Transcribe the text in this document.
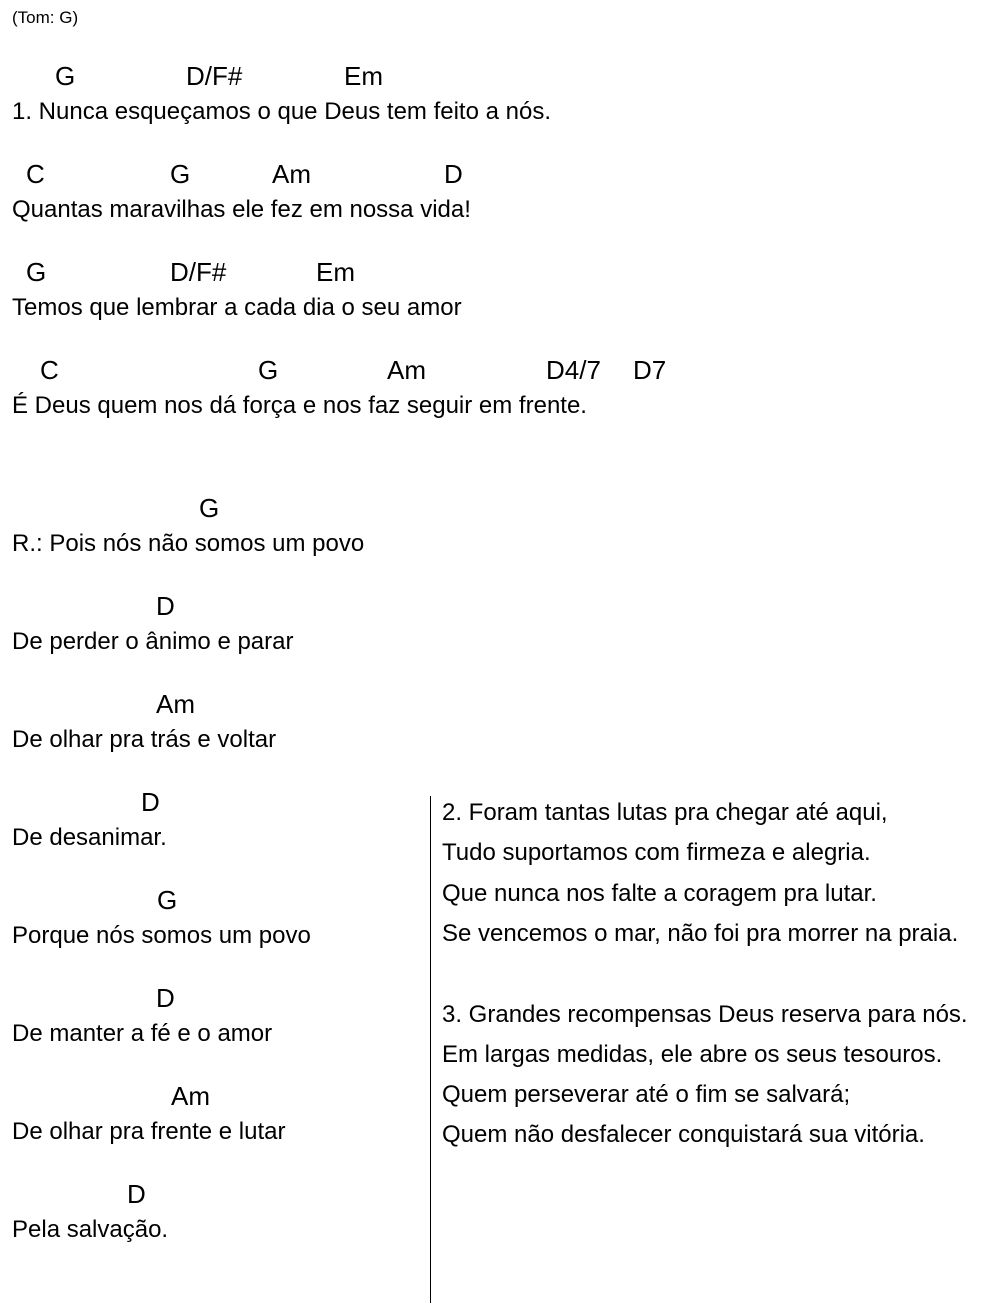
(Tom: G)
G	D/F#	Em
1. Nunca esqueçamos o que Deus tem feito a nós.
C	G	Am	D
Quantas maravilhas ele fez em nossa vida!
G	D/F#	Em
Temos que lembrar a cada dia o seu amor
C	G	Am	D4/7 D7
É Deus quem nos dá força e nos faz seguir em frente.
G
R.: Pois nós não somos um povo
D
De perder o ânimo e parar
Am
De olhar pra trás e voltar
D
De desanimar.
G
Porque nós somos um povo
D
De manter a fé e o amor
Am
De olhar pra frente e lutar
D
Pela salvação.
2. Foram tantas lutas pra chegar até aqui,
Tudo suportamos com firmeza e alegria.
Que nunca nos falte a coragem pra lutar.
Se vencemos o mar, não foi pra morrer na praia.
3. Grandes recompensas Deus reserva para nós.
Em largas medidas, ele abre os seus tesouros.
Quem perseverar até o fim se salvará;
Quem não desfalecer conquistará sua vitória.
